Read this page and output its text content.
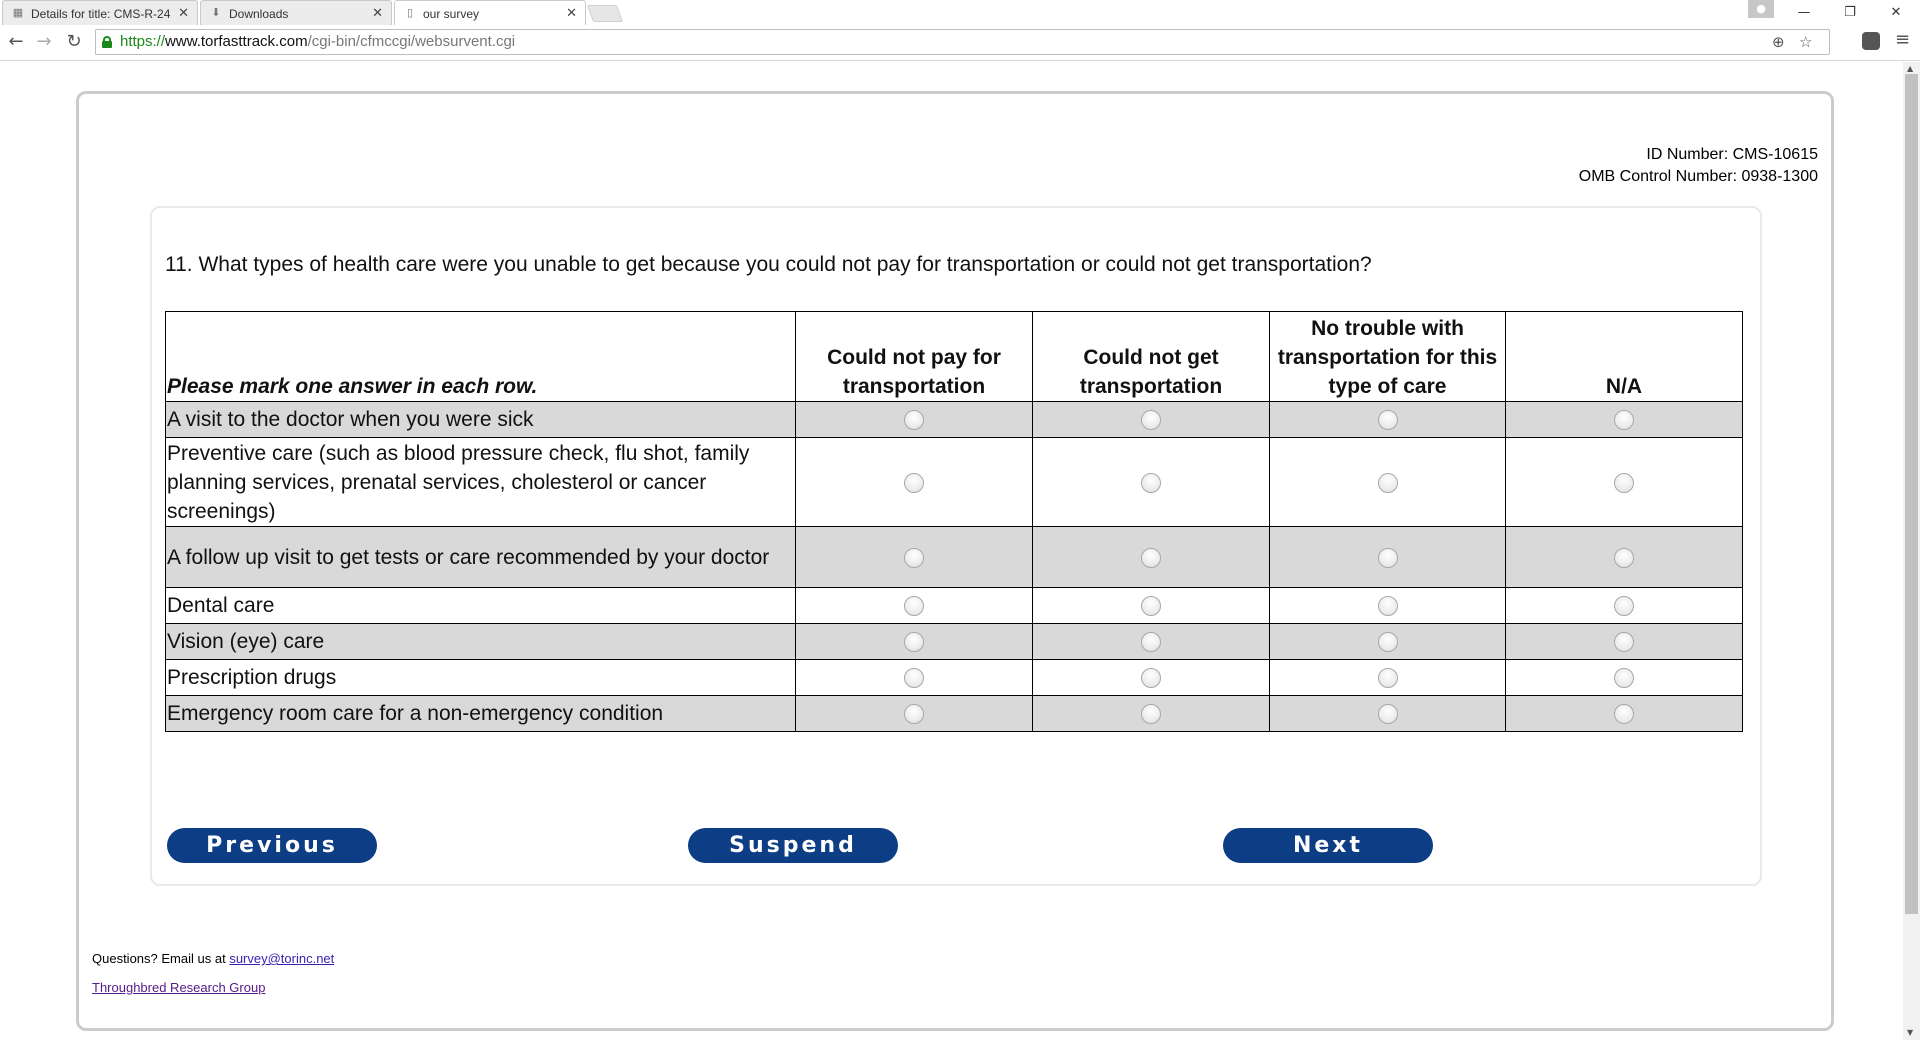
▦ Details for title: CMS-R-24 ✕ ⬇ Downloads	✕ ▯ our survey	✕	●	—	❐	✕
← → ↻	https://www.torfasttrack.com/cgi-bin/cfmccgi/websurvent.cgi	⊕ ☆	≡
▲
▼
ID Number: CMS-10615
OMB Control Number: 0938-1300
11. What types of health care were you unable to get because you could not pay for transportation or could not get transportation?
Please mark one answer in each row.	Could not pay for transportation	Could not get transportation	No trouble with transportation for this type of care	N/A
A visit to the doctor when you were sick				
Preventive care (such as blood pressure check, flu shot, family planning services, prenatal services, cholesterol or cancer screenings)				
A follow up visit to get tests or care recommended by your doctor				
Dental care				
Vision (eye) care				
Prescription drugs				
Emergency room care for a non-emergency condition				
Previous	Suspend	Next
Questions? Email us at survey@torinc.net
Throughbred Research Group
